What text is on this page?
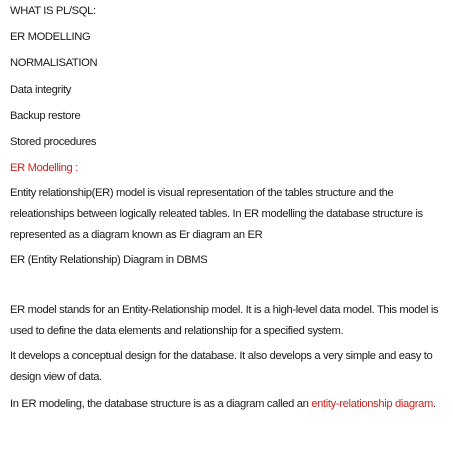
WHAT IS PL/SQL:
ER MODELLING
NORMALISATION
Data integrity
Backup restore
Stored procedures
ER Modelling :
Entity relationship(ER) model is visual representation of the tables structure and the
releationships between logically releated tables. In ER modelling the database structure is
represented as a diagram known as Er diagram an ER
ER (Entity Relationship) Diagram in DBMS
ER model stands for an Entity-Relationship model. It is a high-level data model. This model is
used to define the data elements and relationship for a specified system.
It develops a conceptual design for the database. It also develops a very simple and easy to
design view of data.
In ER modeling, the database structure is as a diagram called an entity-relationship diagram.
